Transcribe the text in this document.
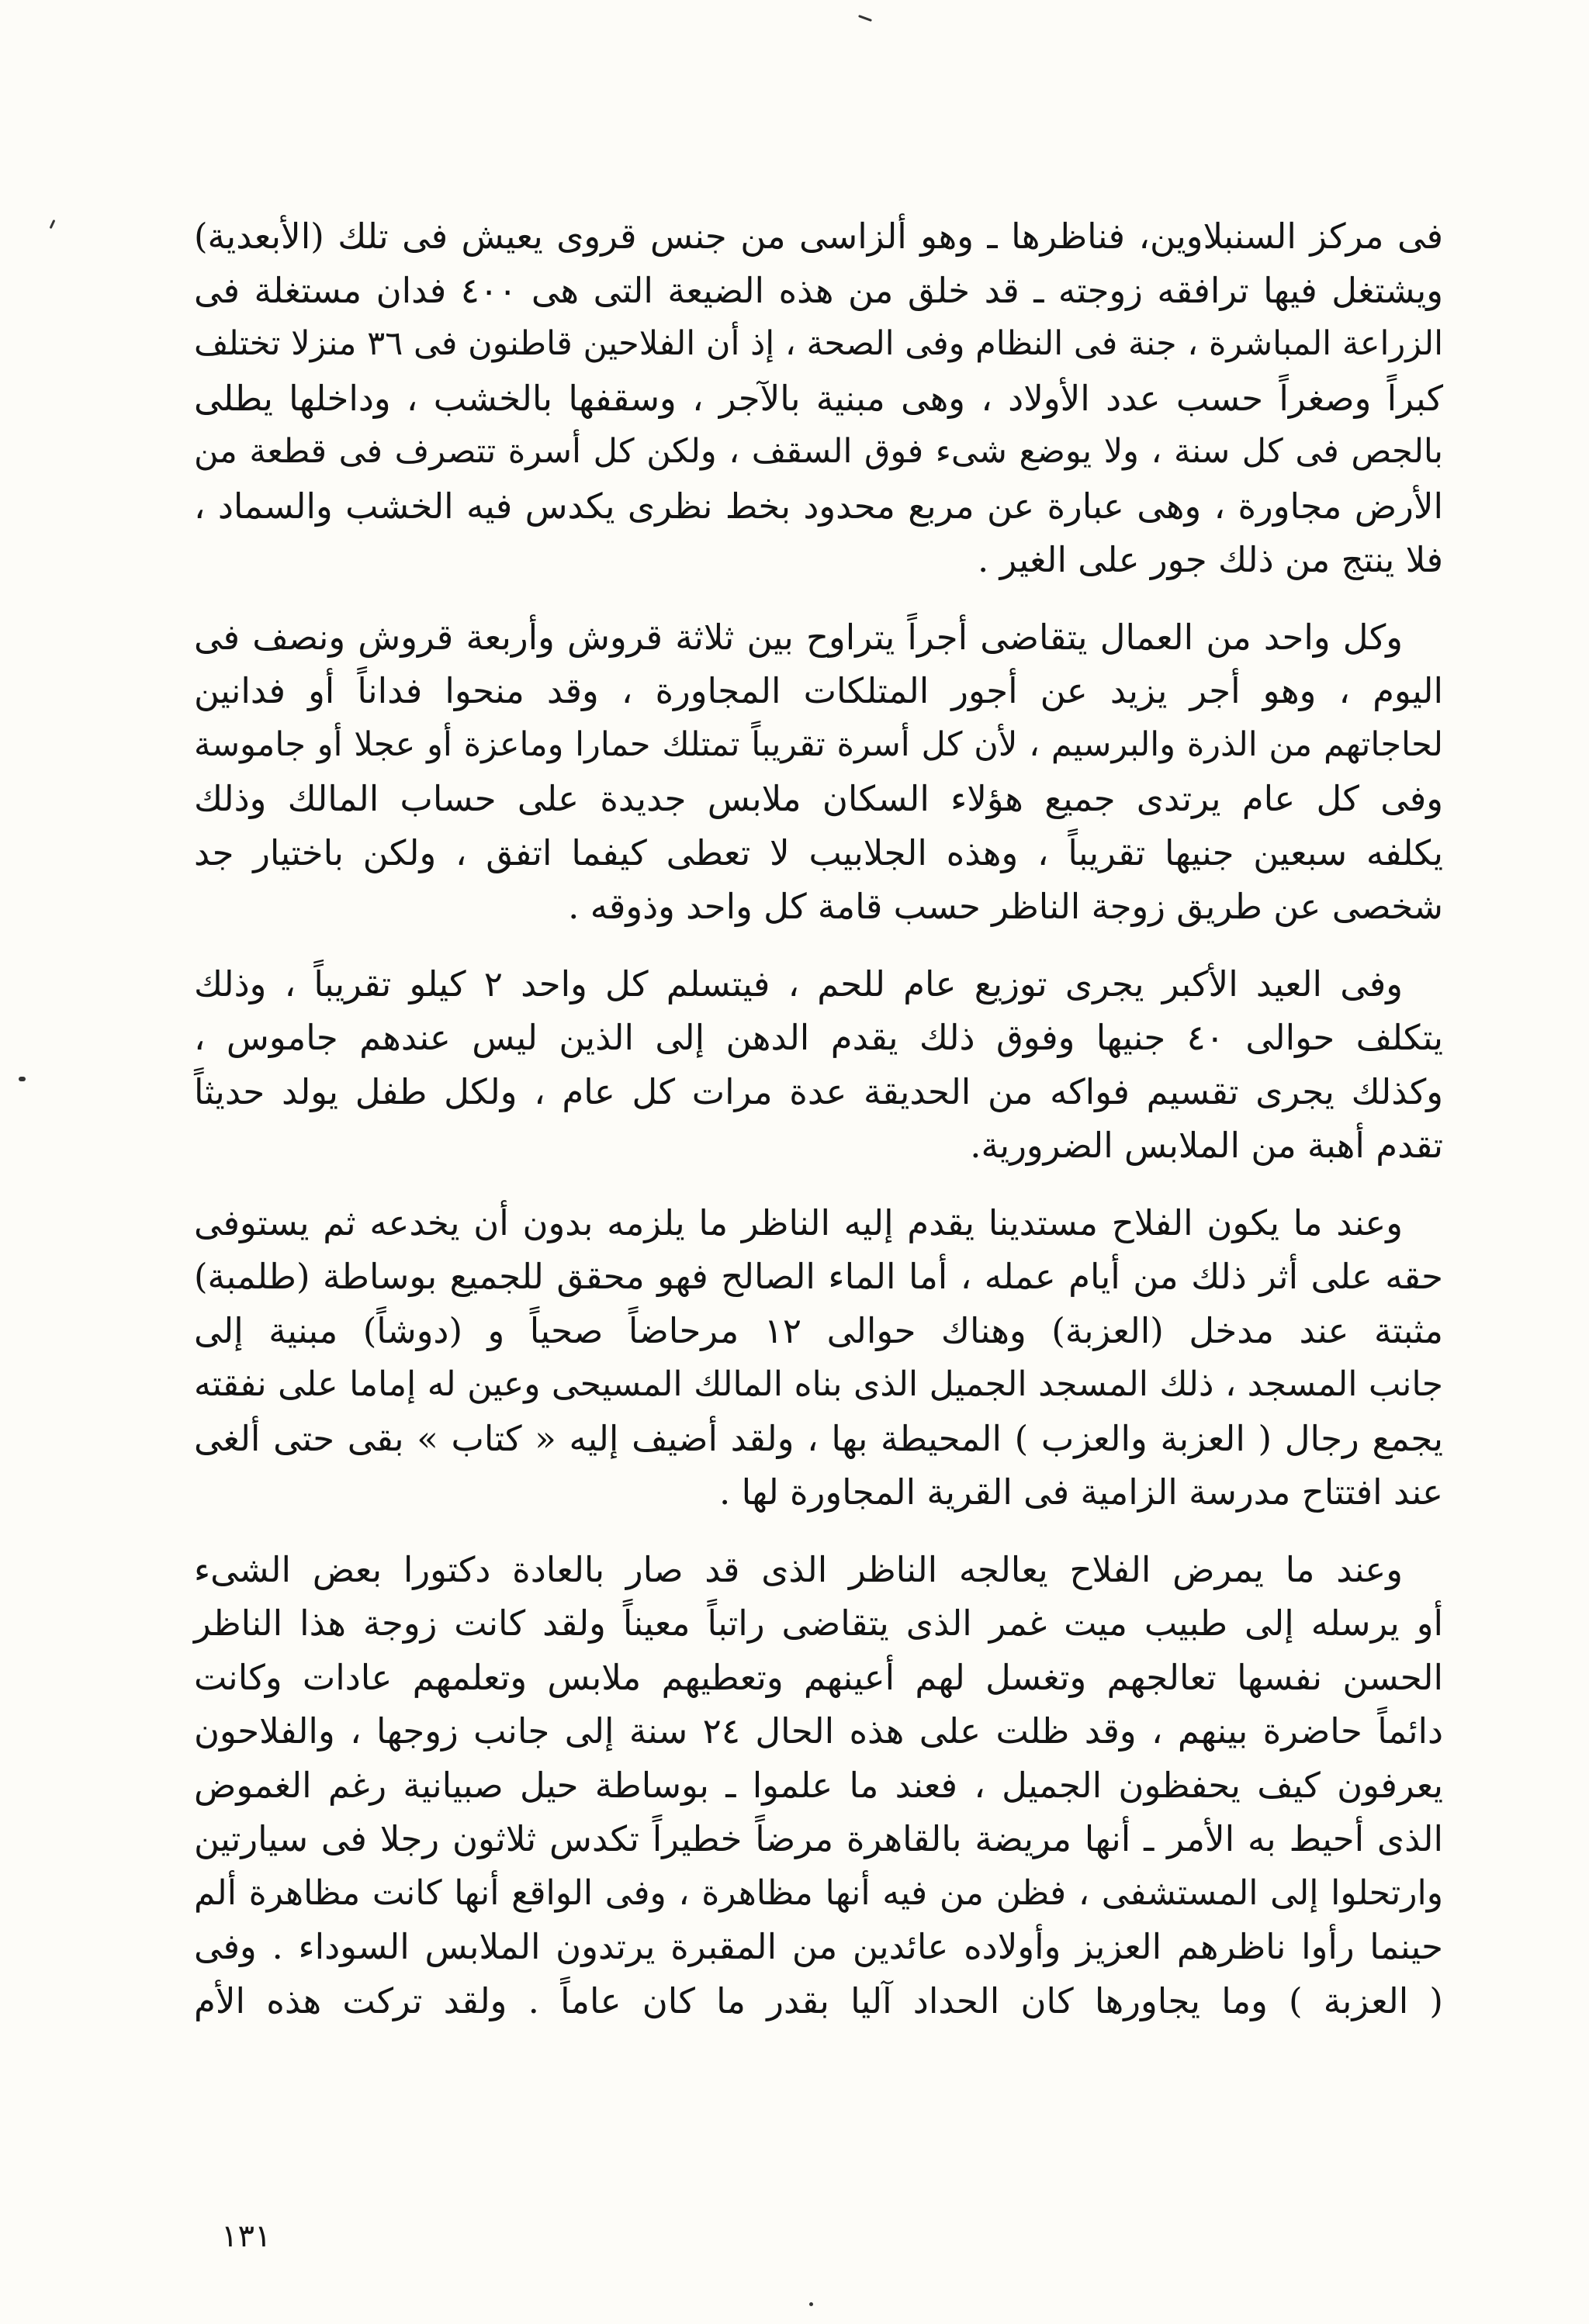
فى مركز السنبلاوين، فناظرها ـ وهو ألزاسى من جنس قروى يعيش فى تلك (الأبعدية)
ويشتغل فيها ترافقه زوجته ـ قد خلق من هذه الضيعة التى هى ٤٠٠ فدان مستغلة فى
الزراعة المباشرة ، جنة فى النظام وفى الصحة ، إذ أن الفلاحين قاطنون فى ٣٦ منزلا تختلف
كبراً وصغراً حسب عدد الأولاد ، وهى مبنية بالآجر ، وسقفها بالخشب ، وداخلها يطلى
بالجص فى كل سنة ، ولا يوضع شىء فوق السقف ، ولكن كل أسرة تتصرف فى قطعة من
الأرض مجاورة ، وهى عبارة عن مربع محدود بخط نظرى يكدس فيه الخشب والسماد ،
فلا ينتج من ذلك جور على الغير .
وكل واحد من العمال يتقاضى أجراً يتراوح بين ثلاثة قروش وأربعة قروش ونصف فى
اليوم ، وهو أجر يزيد عن أجور المتلكات المجاورة ، وقد منحوا فداناً أو فدانين
لحاجاتهم من الذرة والبرسيم ، لأن كل أسرة تقريباً تمتلك حمارا وماعزة أو عجلا أو جاموسة
وفى كل عام يرتدى جميع هؤلاء السكان ملابس جديدة على حساب المالك وذلك
يكلفه سبعين جنيها تقريباً ، وهذه الجلابيب لا تعطى كيفما اتفق ، ولكن باختيار جد
شخصى عن طريق زوجة الناظر حسب قامة كل واحد وذوقه .
وفى العيد الأكبر يجرى توزيع عام للحم ، فيتسلم كل واحد ٢ كيلو تقريباً ، وذلك
يتكلف حوالى ٤٠ جنيها وفوق ذلك يقدم الدهن إلى الذين ليس عندهم جاموس ،
وكذلك يجرى تقسيم فواكه من الحديقة عدة مرات كل عام ، ولكل طفل يولد حديثاً
تقدم أهبة من الملابس الضرورية.
وعند ما يكون الفلاح مستدينا يقدم إليه الناظر ما يلزمه بدون أن يخدعه ثم يستوفى
حقه على أثر ذلك من أيام عمله ، أما الماء الصالح فهو محقق للجميع بوساطة (طلمبة)
مثبتة عند مدخل (العزبة) وهناك حوالى ١٢ مرحاضاً صحياً و (دوشاً) مبنية إلى
جانب المسجد ، ذلك المسجد الجميل الذى بناه المالك المسيحى وعين له إماما على نفقته
يجمع رجال ( العزبة والعزب ) المحيطة بها ، ولقد أضيف إليه « كتاب » بقى حتى ألغى
عند افتتاح مدرسة الزامية فى القرية المجاورة لها .
وعند ما يمرض الفلاح يعالجه الناظر الذى قد صار بالعادة دكتورا بعض الشىء
أو يرسله إلى طبيب ميت غمر الذى يتقاضى راتباً معيناً ولقد كانت زوجة هذا الناظر
الحسن نفسها تعالجهم وتغسل لهم أعينهم وتعطيهم ملابس وتعلمهم عادات وكانت
دائماً حاضرة بينهم ، وقد ظلت على هذه الحال ٢٤ سنة إلى جانب زوجها ، والفلاحون
يعرفون كيف يحفظون الجميل ، فعند ما علموا ـ بوساطة حيل صبيانية رغم الغموض
الذى أحيط به الأمر ـ أنها مريضة بالقاهرة مرضاً خطيراً تكدس ثلاثون رجلا فى سيارتين
وارتحلوا إلى المستشفى ، فظن من فيه أنها مظاهرة ، وفى الواقع أنها كانت مظاهرة ألم
حينما رأوا ناظرهم العزيز وأولاده عائدين من المقبرة يرتدون الملابس السوداء . وفى
( العزبة ) وما يجاورها كان الحداد آليا بقدر ما كان عاماً . ولقد تركت هذه الأم
١٣١
